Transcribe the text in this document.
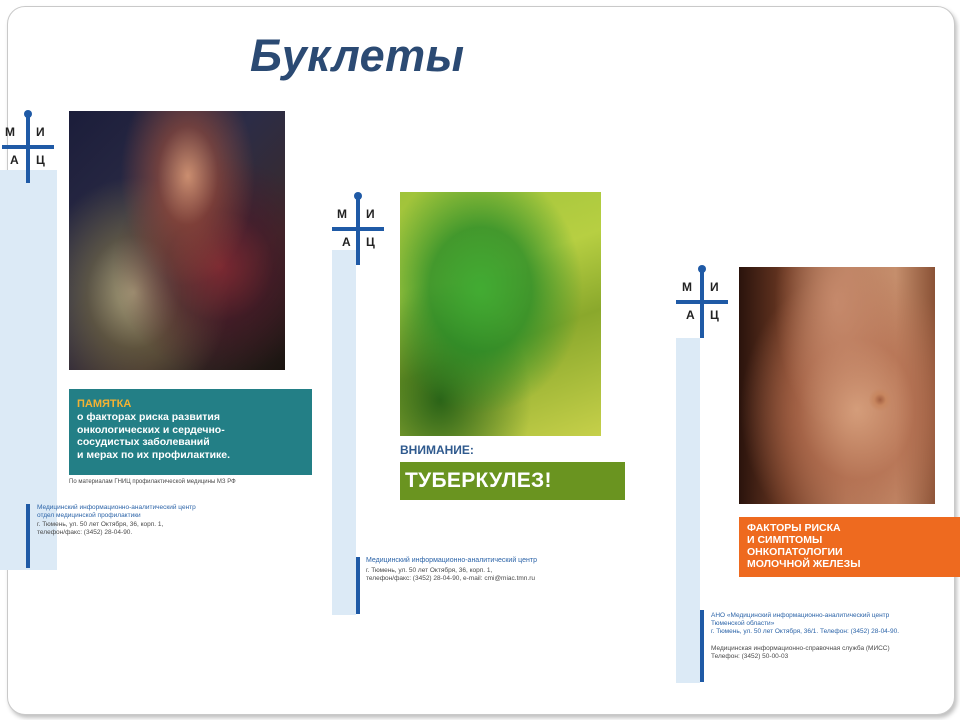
Буклеты
М И
А Ц
ПАМЯТКА
о факторах риска развития
онкологических и сердечно-
сосудистых заболеваний
и мерах по их профилактике.
По материалам ГНИЦ профилактической медицины МЗ РФ
Медицинский информационно-аналитический центр
отдел медицинской профилактики
г. Тюмень, ул. 50 лет Октября, 36, корп. 1,
телефон/факс: (3452) 28-04-90.
М И
А Ц
ВНИМАНИЕ:
ТУБЕРКУЛЕЗ!
Медицинский информационно-аналитический центр
г. Тюмень, ул. 50 лет Октября, 36, корп. 1,
телефон/факс: (3452) 28-04-90, e-mail: cmi@miac.tmn.ru
М И
А Ц
ФАКТОРЫ РИСКА
И СИМПТОМЫ
ОНКОПАТОЛОГИИ
МОЛОЧНОЙ ЖЕЛЕЗЫ
АНО «Медицинский информационно-аналитический центр
Тюменской области»
г. Тюмень, ул. 50 лет Октября, 36/1. Телефон: (3452) 28-04-90.
Медицинская информационно-справочная служба (МИСС)
Телефон: (3452) 50-00-03
